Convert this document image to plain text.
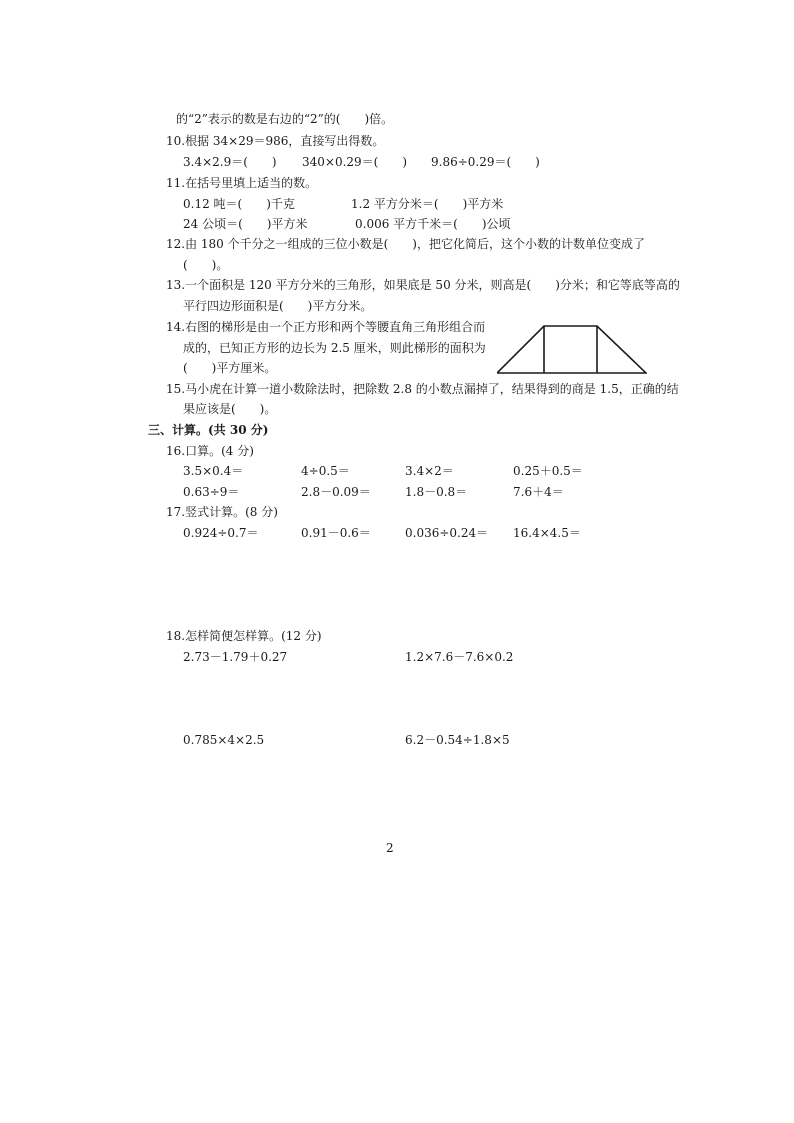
的“2”表示的数是右边的“2”的(　　)倍。
10.根据 34×29＝986，直接写出得数。
3.4×2.9＝(　　) 340×0.29＝(　　) 9.86÷0.29＝(　　)
11.在括号里填上适当的数。
0.12 吨＝(　　)千克	1.2 平方分米＝(　　)平方米
24 公顷＝(　　)平方米	0.006 平方千米＝(　　)公顷
12.由 180 个千分之一组成的三位小数是(　　)，把它化简后，这个小数的计数单位变成了
(　　)。
13.一个面积是 120 平方分米的三角形，如果底是 50 分米，则高是(　　)分米；和它等底等高的
平行四边形面积是(　　)平方分米。
14.右图的梯形是由一个正方形和两个等腰直角三角形组合而
成的，已知正方形的边长为 2.5 厘米，则此梯形的面积为
(　　)平方厘米。
15.马小虎在计算一道小数除法时，把除数 2.8 的小数点漏掉了，结果得到的商是 1.5，正确的结
果应该是(　　)。
三、计算。(共 30 分)
16.口算。(4 分)
3.5×0.4＝	4÷0.5＝	3.4×2＝	0.25＋0.5＝
0.63÷9＝	2.8－0.09＝	1.8－0.8＝	7.6＋4＝
17.竖式计算。(8 分)
0.924÷0.7＝	0.91－0.6＝	0.036÷0.24＝ 16.4×4.5＝
18.怎样简便怎样算。(12 分)
2.73－1.79＋0.27	1.2×7.6－7.6×0.2
0.785×4×2.5	6.2－0.54÷1.8×5
2
